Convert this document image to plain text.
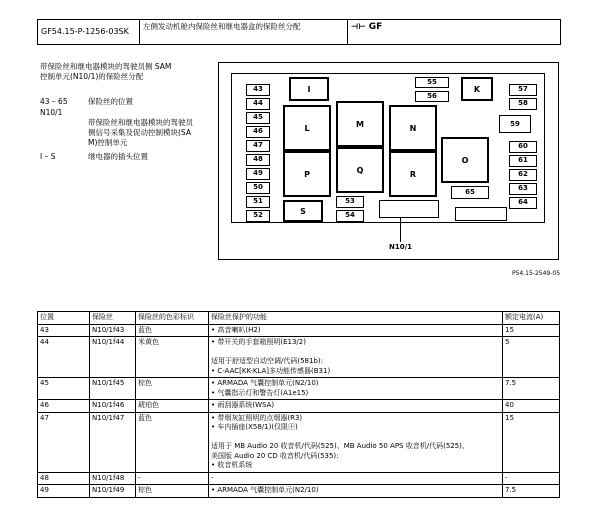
GF54.15-P-1256-03SK
左侧发动机舱内保险丝和继电器盒的保险丝分配	⊣⊢ GF
带保险丝和继电器模块的驾驶员侧 SAM
控制单元(N10/1)的保险丝分配
43 – 65	保险丝的位置
N10/1
带保险丝和继电器模块的驾驶员
侧信号采集及促动控制模块(SA
M)控制单元
I – S	继电器的插头位置
43
44
45
46
47
48
49
50
51
52
53
54
55
56
57
58
59
60
61
62
63
64
65
I	K
L	M	N
O
P	Q	R
S
N10/1
P54.15-2549-05
位置	保险丝	保险丝的色彩标识	保险丝保护的功能	额定电流(A)
43	N10/1f43	蓝色	• 高音喇叭(H2)	15
44	N10/1f44	米黄色	• 带开关的手套箱照明(E13/2)
适用于舒适型自动空调/代码(581b):
• C-AAC[KK-KLA]多功能传感器(B31)	5
45	N10/1f45	棕色	• ARMADA 气囊控制单元(N2/10)
• 气囊指示灯和警告灯(A1e15)	7.5
46	N10/1f46	琥珀色	• 雨刮器系统(WSA)	40
47	N10/1f47	蓝色	• 带烟灰缸照明的点烟器(R3)
• 车内插座(X58/1)(仅限㊉)
适用于 MB Audio 20 收音机/代码(525)、MB Audio 50 APS 收音机/代码(525)、
美国版 Audio 20 CD 收音机/代码(535):
• 收音机系统	15
48	N10/1f48	-	-	-
49	N10/1f49	棕色	• ARMADA 气囊控制单元(N2/10)	7.5
